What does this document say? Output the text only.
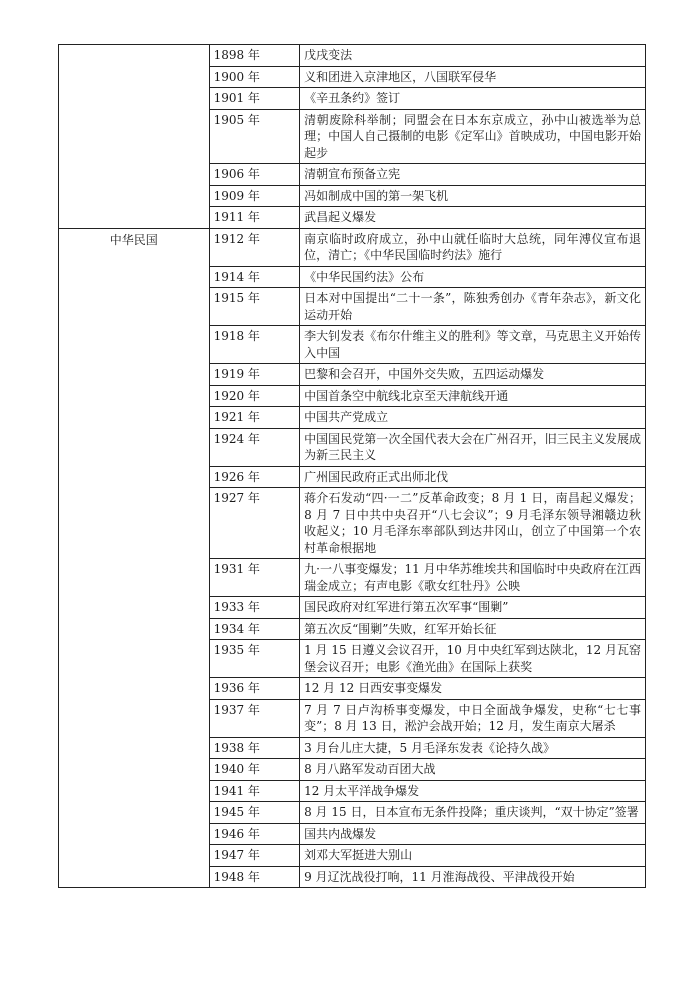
	1898 年	戊戌变法
	1900 年	义和团进入京津地区，八国联军侵华
	1901 年	《辛丑条约》签订
	1905 年	清朝废除科举制；同盟会在日本东京成立，孙中山被选举为总理；中国人自己摄制的电影《定军山》首映成功，中国电影开始起步
	1906 年	清朝宣布预备立宪
	1909 年	冯如制成中国的第一架飞机
	1911 年	武昌起义爆发

中华民国	1912 年	南京临时政府成立，孙中山就任临时大总统，同年溥仪宣布退位，清亡；《中华民国临时约法》施行
	1914 年	《中华民国约法》公布
	1915 年	日本对中国提出“二十一条”，陈独秀创办《青年杂志》，新文化运动开始
	1918 年	李大钊发表《布尔什维主义的胜利》等文章，马克思主义开始传入中国
	1919 年	巴黎和会召开，中国外交失败，五四运动爆发
	1920 年	中国首条空中航线北京至天津航线开通
	1921 年	中国共产党成立
	1924 年	中国国民党第一次全国代表大会在广州召开，旧三民主义发展成为新三民主义
	1926 年	广州国民政府正式出师北伐
	1927 年	蒋介石发动“四·一二”反革命政变；8 月 1 日，南昌起义爆发；8 月 7 日中共中央召开“八七会议”；9 月毛泽东领导湘赣边秋收起义；10 月毛泽东率部队到达井冈山，创立了中国第一个农村革命根据地
	1931 年	九·一八事变爆发；11 月中华苏维埃共和国临时中央政府在江西瑞金成立；有声电影《歌女红牡丹》公映
	1933 年	国民政府对红军进行第五次军事“围剿”
	1934 年	第五次反“围剿”失败，红军开始长征
	1935 年	1 月 15 日遵义会议召开，10 月中央红军到达陕北，12 月瓦窑堡会议召开；电影《渔光曲》在国际上获奖
	1936 年	12 月 12 日西安事变爆发
	1937 年	7 月 7 日卢沟桥事变爆发，中日全面战争爆发，史称“七七事变”；8 月 13 日，淞沪会战开始；12 月，发生南京大屠杀
	1938 年	3 月台儿庄大捷，5 月毛泽东发表《论持久战》
	1940 年	8 月八路军发动百团大战
	1941 年	12 月太平洋战争爆发
	1945 年	8 月 15 日，日本宣布无条件投降；重庆谈判，“双十协定”签署
	1946 年	国共内战爆发
	1947 年	刘邓大军挺进大别山
	1948 年	9 月辽沈战役打响，11 月淮海战役、平津战役开始
